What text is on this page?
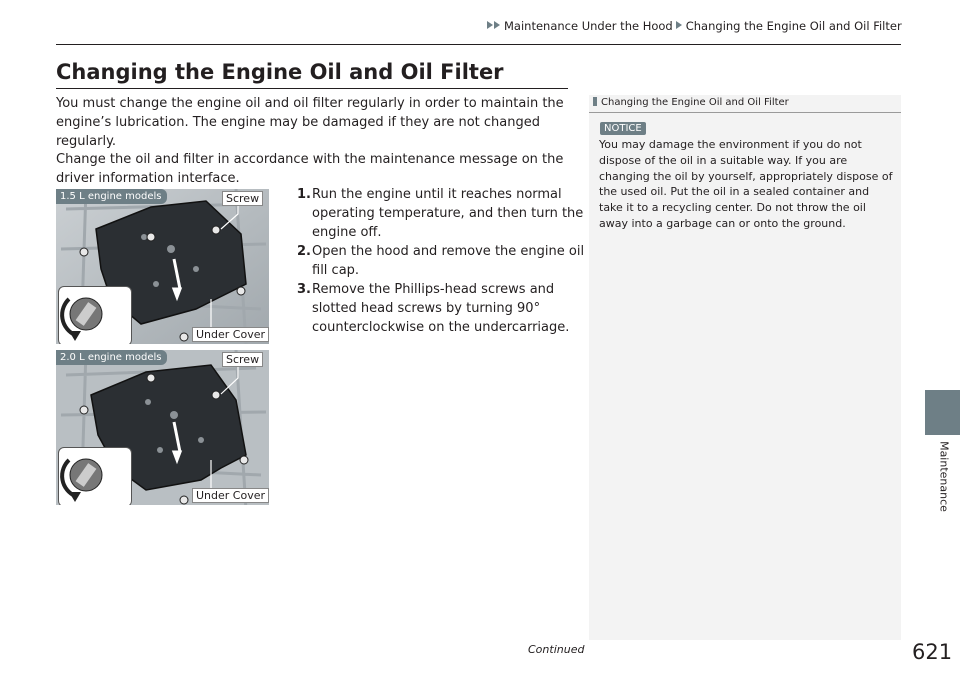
Maintenance Under the Hood Changing the Engine Oil and Oil Filter
Changing the Engine Oil and Oil Filter
You must change the engine oil and oil filter regularly in order to maintain the engine’s lubrication. The engine may be damaged if they are not changed regularly.
Change the oil and filter in accordance with the maintenance message on the driver information interface.
1.5 L engine models	Screw
Under Cover
2.0 L engine models	Screw
Under Cover
1. Run the engine until it reaches normal operating temperature, and then turn the engine off.
2. Open the hood and remove the engine oil fill cap.
3. Remove the Phillips-head screws and slotted head screws by turning 90° counterclockwise on the undercarriage.
Changing the Engine Oil and Oil Filter
NOTICE
You may damage the environment if you do not dispose of the oil in a suitable way. If you are changing the oil by yourself, appropriately dispose of the used oil. Put the oil in a sealed container and take it to a recycling center. Do not throw the oil away into a garbage can or onto the ground.
Continued	621
Maintenance
